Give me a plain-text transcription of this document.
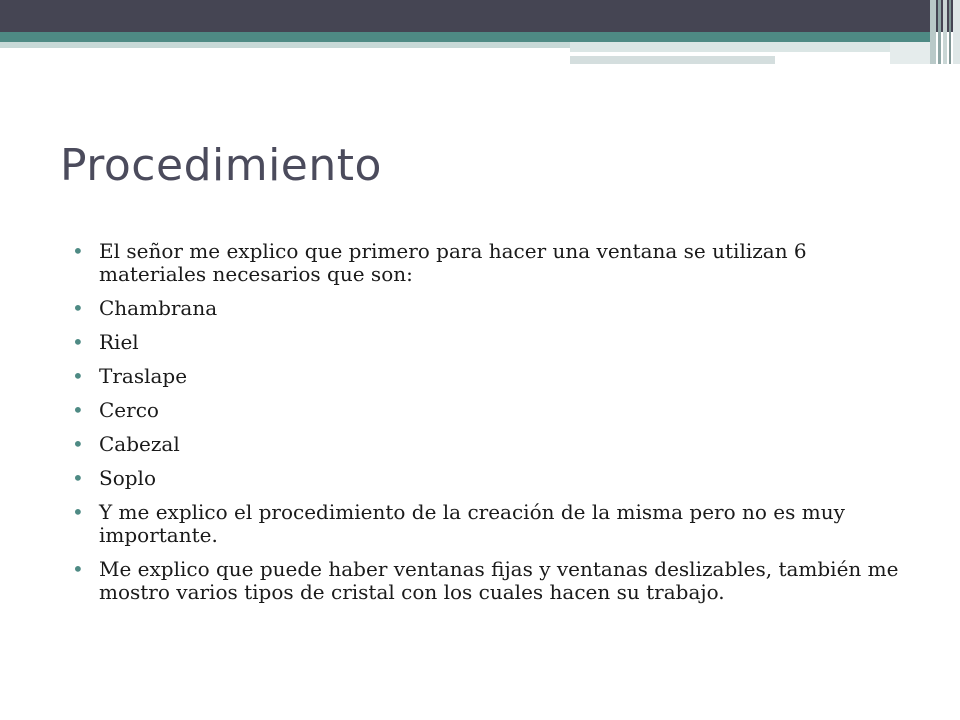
Procedimiento
• El señor me explico que primero para hacer una ventana se utilizan 6 materiales necesarios que son:
• Chambrana
• Riel
• Traslape
• Cerco
• Cabezal
• Soplo
• Y me explico el procedimiento de la creación de la misma pero no es muy importante.
• Me explico que puede haber ventanas fijas y ventanas deslizables, también me mostro varios tipos de cristal con los cuales hacen su trabajo.
